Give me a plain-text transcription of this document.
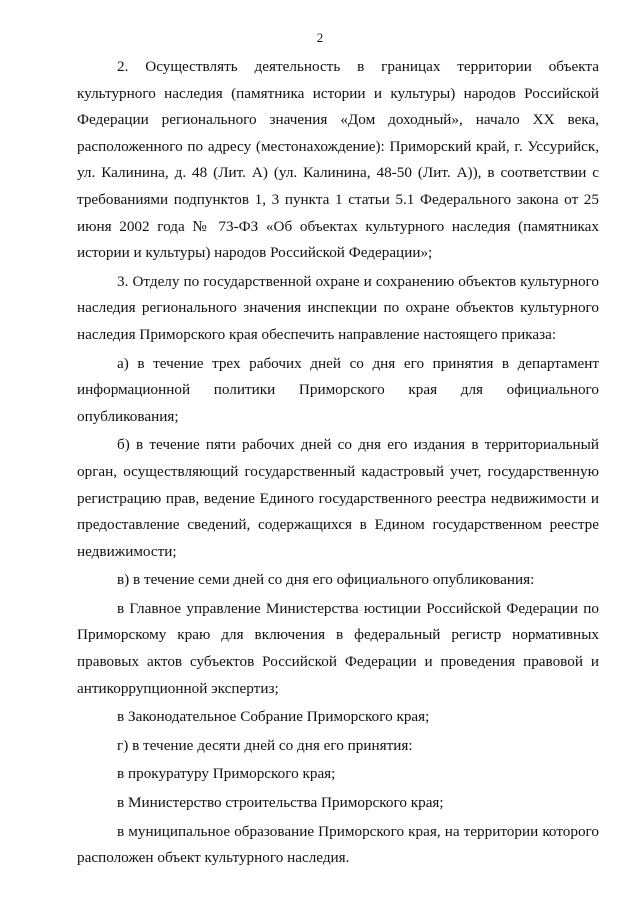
2

2. Осуществлять деятельность в границах территории объекта культурного наследия (памятника истории и культуры) народов Российской Федерации регионального значения «Дом доходный», начало XX века, расположенного по адресу (местонахождение): Приморский край, г. Уссурийск, ул. Калинина, д. 48 (Лит. А) (ул. Калинина, 48-50 (Лит. А)), в соответствии с требованиями подпунктов 1, 3 пункта 1 статьи 5.1 Федерального закона от 25 июня 2002 года № 73-ФЗ «Об объектах культурного наследия (памятниках истории и культуры) народов Российской Федерации»;

3. Отделу по государственной охране и сохранению объектов культурного наследия регионального значения инспекции по охране объектов культурного наследия Приморского края обеспечить направление настоящего приказа:

а) в течение трех рабочих дней со дня его принятия в департамент информационной политики Приморского края для официального опубликования;

б) в течение пяти рабочих дней со дня его издания в территориальный орган, осуществляющий государственный кадастровый учет, государственную регистрацию прав, ведение Единого государственного реестра недвижимости и предоставление сведений, содержащихся в Едином государственном реестре недвижимости;

в) в течение семи дней со дня его официального опубликования:

в Главное управление Министерства юстиции Российской Федерации по Приморскому краю для включения в федеральный регистр нормативных правовых актов субъектов Российской Федерации и проведения правовой и антикоррупционной экспертиз;

в Законодательное Собрание Приморского края;

г) в течение десяти дней со дня его принятия:

в прокуратуру Приморского края;

в Министерство строительства Приморского края;

в муниципальное образование Приморского края, на территории которого расположен объект культурного наследия.
